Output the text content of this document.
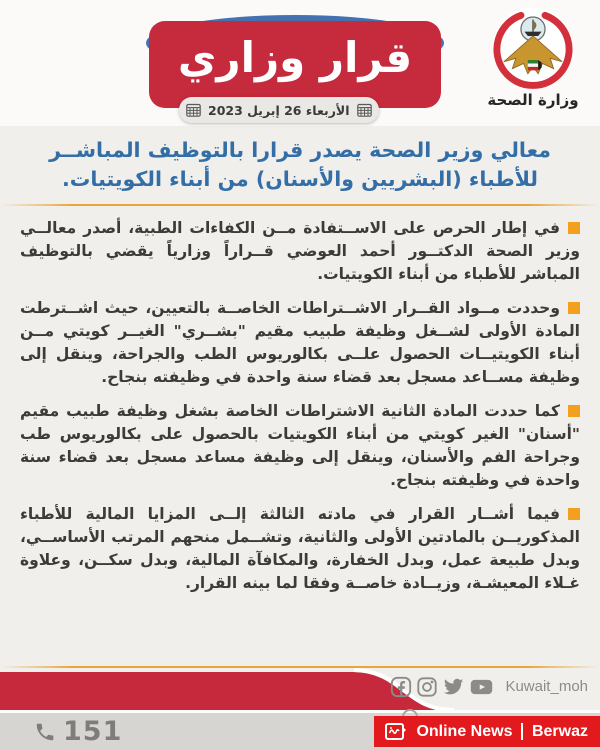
قرار وزاري
الأربعاء 26 إبريل 2023
وزارة الصحة
معالي وزير الصحة يصدر قرارا بالتوظيف المباشــر للأطباء (البشريين والأسنان) من أبناء الكويتيات.

في إطار الحرص على الاســتفادة مــن الكفاءات الطبية، أصدر معالــي وزير الصحة الدكتــور أحمد العوضي قــراراً وزارياً يقضي بالتوظيف المباشر للأطباء من أبناء الكويتيات.

وحددت مــواد القــرار الاشــتراطات الخاصــة بالتعيين، حيث اشــترطت المادة الأولى لشــغل وظيفة طبيب مقيم "بشــري" الغيــر كويتي مــن أبناء الكويتيــات الحصول علــى بكالوريوس الطب والجراحة، وينقل إلى وظيفة مســاعد مسجل بعد قضاء سنة واحدة في وظيفته بنجاح.

كما حددت المادة الثانية الاشتراطات الخاصة بشغل وظيفة طبيب مقيم "أسنان" الغير كويتي من أبناء الكويتيات بالحصول على بكالوريوس طب وجراحة الفم والأسنان، وينقل إلى وظيفة مساعد مسجل بعد قضاء سنة واحدة في وظيفته بنجاح.

فيما أشــار القرار في مادته الثالثة إلــى المزايا المالية للأطباء المذكوريــن بالمادتين الأولى والثانية، وتشــمل منحهم المرتب الأساســي، وبدل طبيعة عمل، وبدل الخفارة، والمكافآة المالية، وبدل سكــن، وعلاوة غـلاء المعيشـة، وزيــادة خاصــة وفقا لما بينه القرار.

Kuwait_moh
151	Online News Berwaz
